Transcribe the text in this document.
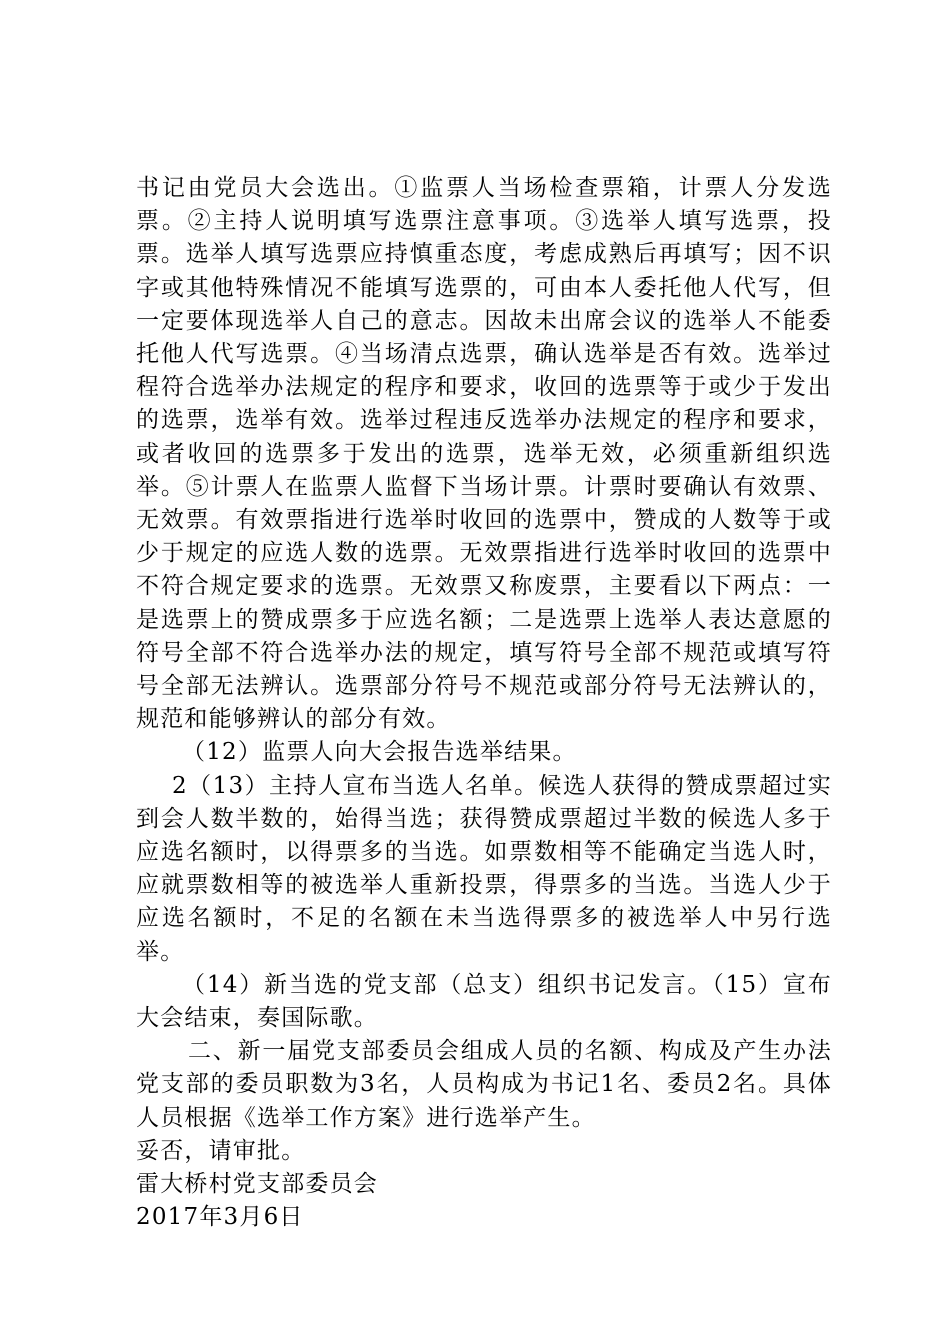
书记由党员大会选出。①监票人当场检查票箱，计票人分发选票。②主持人说明填写选票注意事项。③选举人填写选票，投票。选举人填写选票应持慎重态度，考虑成熟后再填写；因不识字或其他特殊情况不能填写选票的，可由本人委托他人代写，但一定要体现选举人自己的意志。因故未出席会议的选举人不能委托他人代写选票。④当场清点选票，确认选举是否有效。选举过程符合选举办法规定的程序和要求，收回的选票等于或少于发出的选票，选举有效。选举过程违反选举办法规定的程序和要求，或者收回的选票多于发出的选票，选举无效，必须重新组织选举。⑤计票人在监票人监督下当场计票。计票时要确认有效票、无效票。有效票指进行选举时收回的选票中，赞成的人数等于或少于规定的应选人数的选票。无效票指进行选举时收回的选票中不符合规定要求的选票。无效票又称废票，主要看以下两点：一是选票上的赞成票多于应选名额；二是选票上选举人表达意愿的符号全部不符合选举办法的规定，填写符号全部不规范或填写符号全部无法辨认。选票部分符号不规范或部分符号无法辨认的，规范和能够辨认的部分有效。

（12）监票人向大会报告选举结果。

2（13）主持人宣布当选人名单。候选人获得的赞成票超过实到会人数半数的，始得当选；获得赞成票超过半数的候选人多于应选名额时，以得票多的当选。如票数相等不能确定当选人时，应就票数相等的被选举人重新投票，得票多的当选。当选人少于应选名额时，不足的名额在未当选得票多的被选举人中另行选举。

（14）新当选的党支部（总支）组织书记发言。（15）宣布大会结束，奏国际歌。

二、新一届党支部委员会组成人员的名额、构成及产生办法党支部的委员职数为3名，人员构成为书记1名、委员2名。具体人员根据《选举工作方案》进行选举产生。

妥否，请审批。

雷大桥村党支部委员会

2017年3月6日
